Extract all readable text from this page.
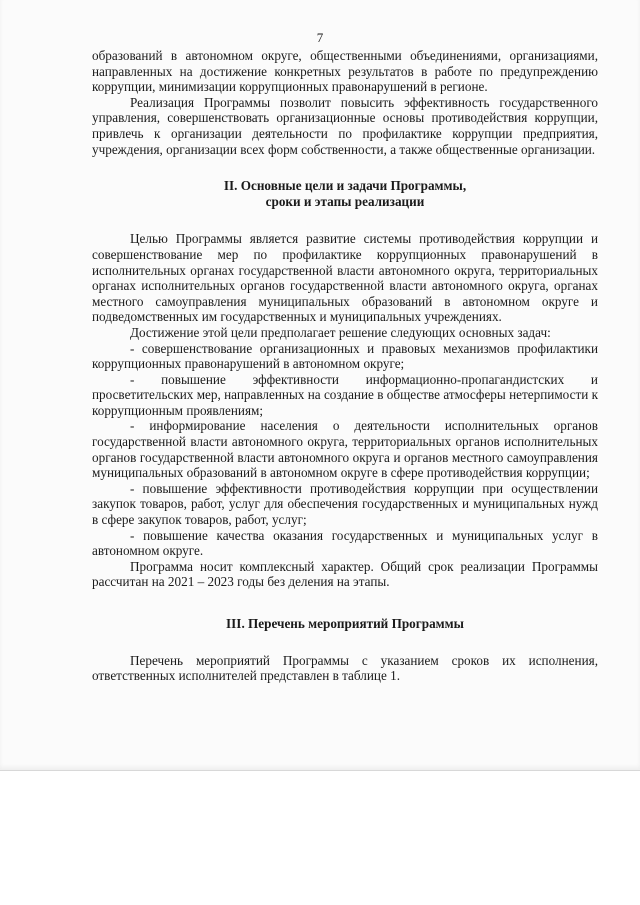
7

образований в автономном округе, общественными объединениями, организациями, направленных на достижение конкретных результатов в работе по предупреждению коррупции, минимизации коррупционных правонарушений в регионе.

Реализация Программы позволит повысить эффективность государственного управления, совершенствовать организационные основы противодействия коррупции, привлечь к организации деятельности по профилактике коррупции предприятия, учреждения, организации всех форм собственности, а также общественные организации.

II. Основные цели и задачи Программы,
сроки и этапы реализации

Целью Программы является развитие системы противодействия коррупции и совершенствование мер по профилактике коррупционных правонарушений в исполнительных органах государственной власти автономного округа, территориальных органах исполнительных органов государственной власти автономного округа, органах местного самоуправления муниципальных образований в автономном округе и подведомственных им государственных и муниципальных учреждениях.

Достижение этой цели предполагает решение следующих основных задач:

- совершенствование организационных и правовых механизмов профилактики коррупционных правонарушений в автономном округе;

- повышение эффективности информационно-пропагандистских и просветительских мер, направленных на создание в обществе атмосферы нетерпимости к коррупционным проявлениям;

- информирование населения о деятельности исполнительных органов государственной власти автономного округа, территориальных органов исполнительных органов государственной власти автономного округа и органов местного самоуправления муниципальных образований в автономном округе в сфере противодействия коррупции;

- повышение эффективности противодействия коррупции при осуществлении закупок товаров, работ, услуг для обеспечения государственных и муниципальных нужд в сфере закупок товаров, работ, услуг;

- повышение качества оказания государственных и муниципальных услуг в автономном округе.

Программа носит комплексный характер. Общий срок реализации Программы рассчитан на 2021 – 2023 годы без деления на этапы.

III. Перечень мероприятий Программы

Перечень мероприятий Программы с указанием сроков их исполнения, ответственных исполнителей представлен в таблице 1.
